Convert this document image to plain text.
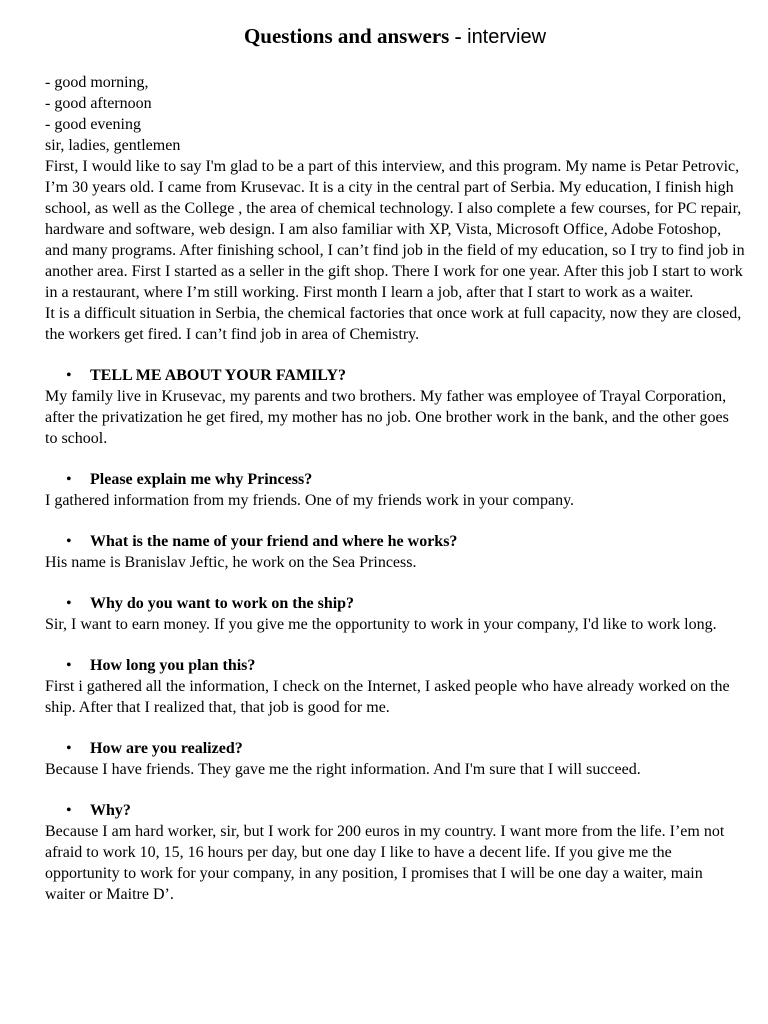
Questions and answers - interview
- good morning,
- good afternoon
- good evening
sir, ladies, gentlemen

First, I would like to say I'm glad to be a part of this interview, and this program. My name is Petar Petrovic, I’m 30 years old. I came from Krusevac. It is a city in the central part of Serbia. My education, I finish high school, as well as the College , the area of chemical technology. I also complete a few courses, for PC repair, hardware and software, web design. I am also familiar with XP, Vista, Microsoft Office, Adobe Fotoshop, and many programs. After finishing school, I can’t find job in the field of my education, so I try to find job in another area. First I started as a seller in the gift shop. There I work for one year. After this job I start to work in a restaurant, where I’m still working. First month I learn a job, after that I start to work as a waiter.

It is a difficult situation in Serbia, the chemical factories that once work at full capacity, now they are closed, the workers get fired. I can’t find job in area of Chemistry.

• TELL ME ABOUT YOUR FAMILY?

My family live in Krusevac, my parents and two brothers. My father was employee of Trayal Corporation, after the privatization he get fired, my mother has no job. One brother work in the bank, and the other goes to school.

• Please explain me why Princess?

I gathered information from my friends. One of my friends work in your company.

• What is the name of your friend and where he works?

His name is Branislav Jeftic, he work on the Sea Princess.

• Why do you want to work on the ship?

Sir, I want to earn money. If you give me the opportunity to work in your company, I'd like to work long.

• How long you plan this?

First i gathered all the information, I check on the Internet, I asked people who have already worked on the ship. After that I realized that, that job is good for me.

• How are you realized?

Because I have friends. They gave me the right information. And I'm sure that I will succeed.

• Why?

Because I am hard worker, sir, but I work for 200 euros in my country. I want more from the life. I’em not afraid to work 10, 15, 16 hours per day, but one day I like to have a decent life. If you give me the opportunity to work for your company, in any position, I promises that I will be one day a waiter, main waiter or Maitre D’.
